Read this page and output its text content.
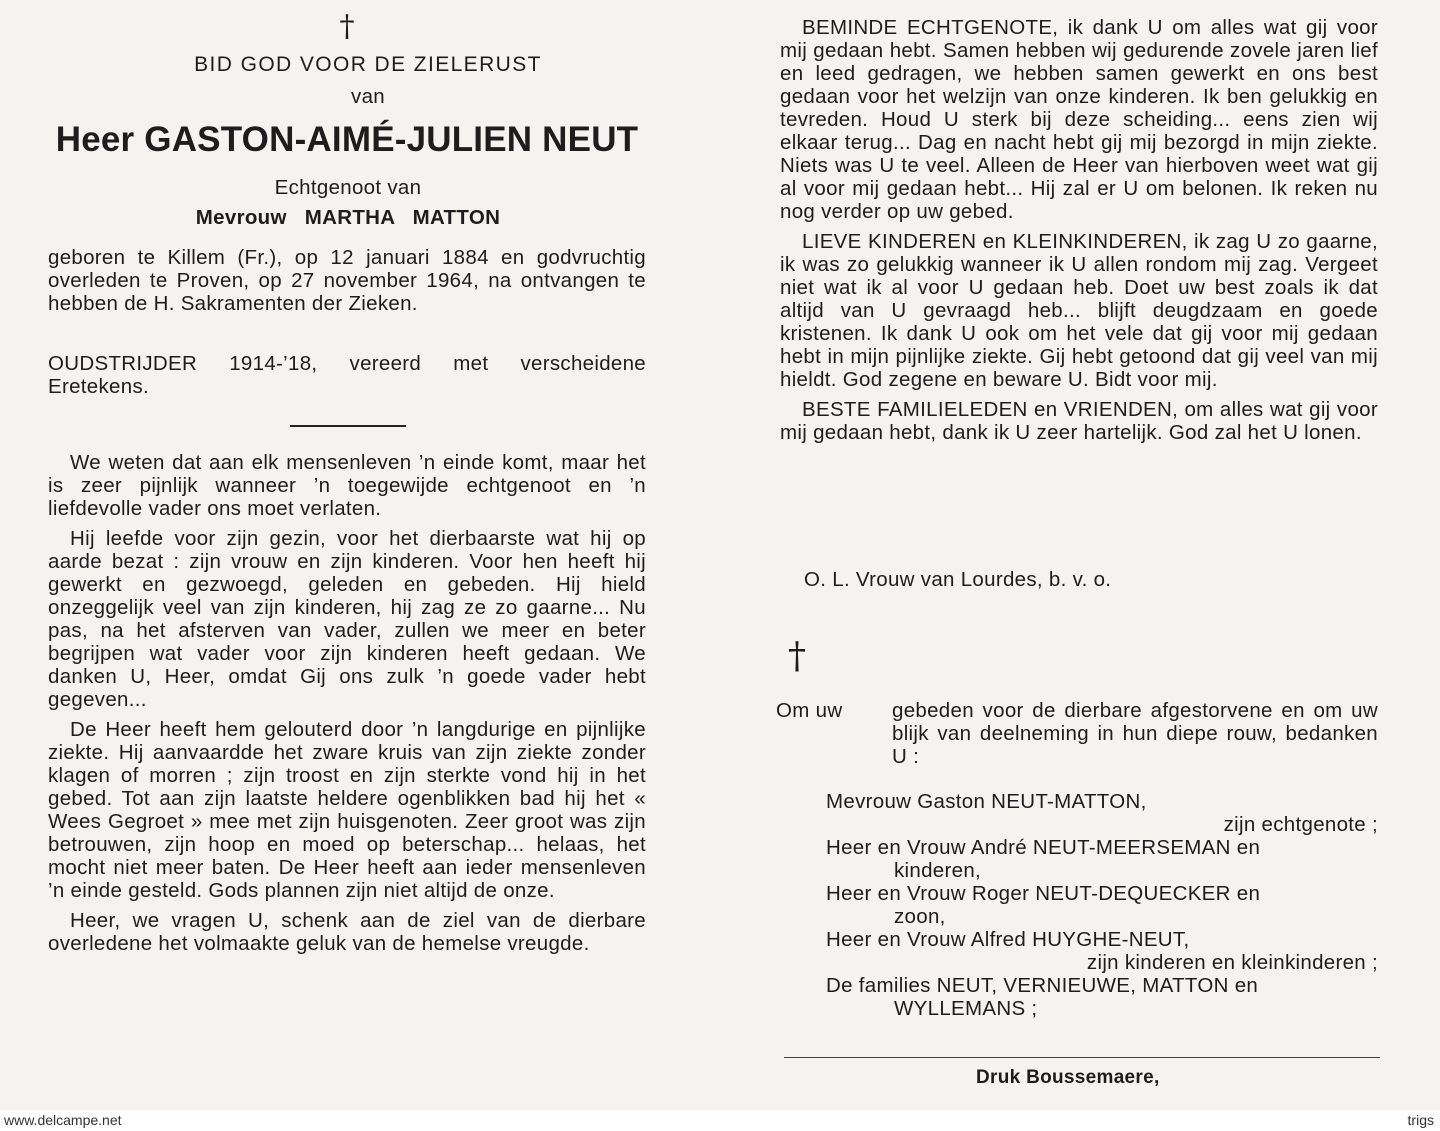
†
BID GOD VOOR DE ZIELERUST
van
Heer GASTON-AIMÉ-JULIEN NEUT
Echtgenoot van
Mevrouw MARTHA MATTON
geboren te Killem (Fr.), op 12 januari 1884 en godvruchtig overleden te Proven, op 27 november 1964, na ontvangen te hebben de H. Sakramenten der Zieken.
OUDSTRIJDER 1914-’18, vereerd met verscheidene Eretekens.

We weten dat aan elk mensenleven ’n einde komt, maar het is zeer pijnlijk wanneer ’n toegewijde echtgenoot en ’n liefdevolle vader ons moet verlaten.

Hij leefde voor zijn gezin, voor het dierbaarste wat hij op aarde bezat : zijn vrouw en zijn kinderen. Voor hen heeft hij gewerkt en gezwoegd, geleden en gebeden. Hij hield onzeggelijk veel van zijn kinderen, hij zag ze zo gaarne... Nu pas, na het afsterven van vader, zullen we meer en beter begrijpen wat vader voor zijn kinderen heeft gedaan. We danken U, Heer, omdat Gij ons zulk ’n goede vader hebt gegeven...

De Heer heeft hem gelouterd door ’n langdurige en pijnlijke ziekte. Hij aanvaardde het zware kruis van zijn ziekte zonder klagen of morren ; zijn troost en zijn sterkte vond hij in het gebed. Tot aan zijn laatste heldere ogenblikken bad hij het « Wees Gegroet » mee met zijn huisgenoten. Zeer groot was zijn betrouwen, zijn hoop en moed op beterschap... helaas, het mocht niet meer baten. De Heer heeft aan ieder mensenleven ’n einde gesteld. Gods plannen zijn niet altijd de onze.

Heer, we vragen U, schenk aan de ziel van de dierbare overledene het volmaakte geluk van de hemelse vreugde.

BEMINDE ECHTGENOTE, ik dank U om alles wat gij voor mij gedaan hebt. Samen hebben wij gedurende zovele jaren lief en leed gedragen, we hebben samen gewerkt en ons best gedaan voor het welzijn van onze kinderen. Ik ben gelukkig en tevreden. Houd U sterk bij deze scheiding... eens zien wij elkaar terug... Dag en nacht hebt gij mij bezorgd in mijn ziekte. Niets was U te veel. Alleen de Heer van hierboven weet wat gij al voor mij gedaan hebt... Hij zal er U om belonen. Ik reken nu nog verder op uw gebed.

LIEVE KINDEREN en KLEINKINDEREN, ik zag U zo gaarne, ik was zo gelukkig wanneer ik U allen rondom mij zag. Vergeet niet wat ik al voor U gedaan heb. Doet uw best zoals ik dat altijd van U gevraagd heb... blijft deugdzaam en goede kristenen. Ik dank U ook om het vele dat gij voor mij gedaan hebt in mijn pijnlijke ziekte. Gij hebt getoond dat gij veel van mij hieldt. God zegene en beware U. Bidt voor mij.

BESTE FAMILIELEDEN en VRIENDEN, om alles wat gij voor mij gedaan hebt, dank ik U zeer hartelijk. God zal het U lonen.

O. L. Vrouw van Lourdes, b. v. o.
†
Om uw gebeden voor de dierbare afgestorvene en om uw blijk van deelneming in hun diepe rouw, bedanken U :
Mevrouw Gaston NEUT-MATTON,
zijn echtgenote ;
Heer en Vrouw André NEUT-MEERSEMAN en
kinderen,
Heer en Vrouw Roger NEUT-DEQUECKER en
zoon,
Heer en Vrouw Alfred HUYGHE-NEUT,
zijn kinderen en kleinkinderen ;
De families NEUT, VERNIEUWE, MATTON en
WYLLEMANS ;
Druk Boussemaere,
www.delcampe.net	trigs
